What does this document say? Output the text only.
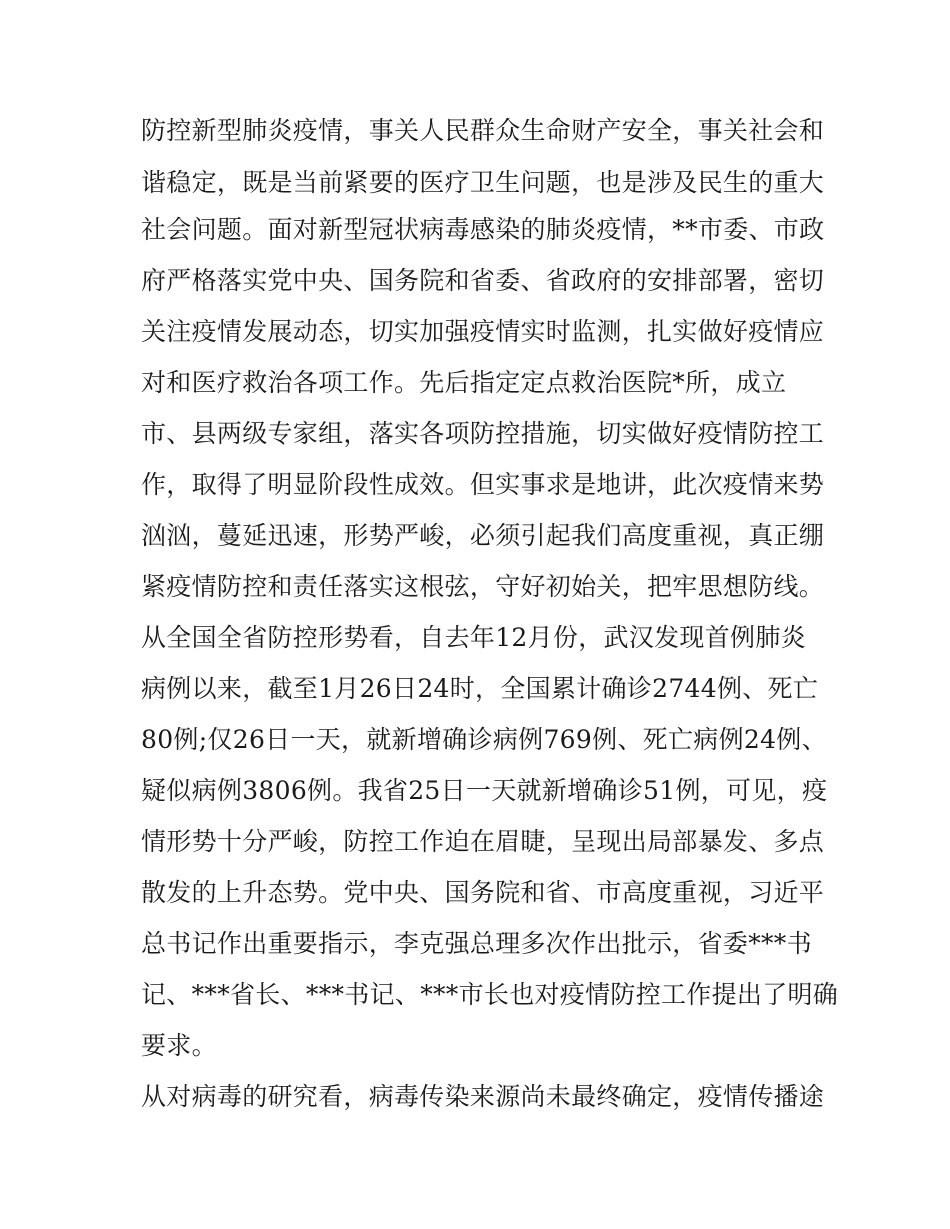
防控新型肺炎疫情，事关人民群众生命财产安全，事关社会和
谐稳定，既是当前紧要的医疗卫生问题，也是涉及民生的重大
社会问题。面对新型冠状病毒感染的肺炎疫情，**市委、市政
府严格落实党中央、国务院和省委、省政府的安排部署，密切
关注疫情发展动态，切实加强疫情实时监测，扎实做好疫情应
对和医疗救治各项工作。先后指定定点救治医院*所，成立
市、县两级专家组，落实各项防控措施，切实做好疫情防控工
作，取得了明显阶段性成效。但实事求是地讲，此次疫情来势
汹汹，蔓延迅速，形势严峻，必须引起我们高度重视，真正绷
紧疫情防控和责任落实这根弦，守好初始关，把牢思想防线。
从全国全省防控形势看，自去年12月份，武汉发现首例肺炎
病例以来，截至1月26日24时，全国累计确诊2744例、死亡
80例;仅26日一天，就新增确诊病例769例、死亡病例24例、
疑似病例3806例。我省25日一天就新增确诊51例，可见，疫
情形势十分严峻，防控工作迫在眉睫，呈现出局部暴发、多点
散发的上升态势。党中央、国务院和省、市高度重视，习近平
总书记作出重要指示，李克强总理多次作出批示，省委***书
记、***省长、***书记、***市长也对疫情防控工作提出了明确
要求。
从对病毒的研究看，病毒传染来源尚未最终确定，疫情传播途
